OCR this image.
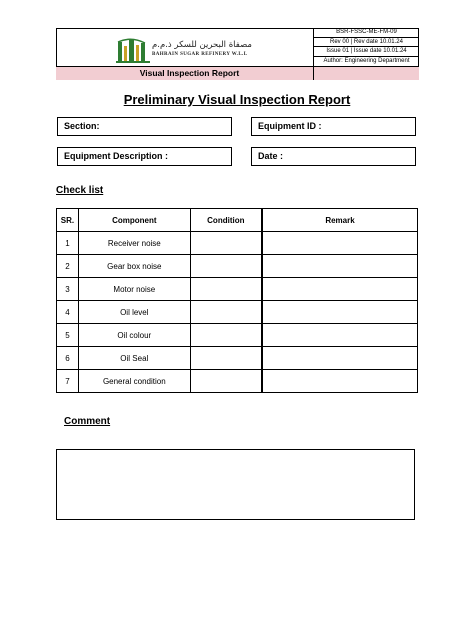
مصفاة البحرين للسكر ذ.م.م
BAHRAIN SUGAR REFINERY W.L.L
BSR-FSSC-ME-FM-09
Rev 00 | Rev date 10.01.24
Issue 01 | Issue date 10.01.24
Author: Engineering Department
Visual Inspection Report
Preliminary Visual Inspection Report
Section:	Equipment ID :
Equipment Description :	Date :
Check list
SR.	Component	Condition	Remark
1	Receiver noise		
2	Gear box noise		
3	Motor noise		
4	Oil level		
5	Oil colour		
6	Oil Seal		
7	General condition		
Comment
